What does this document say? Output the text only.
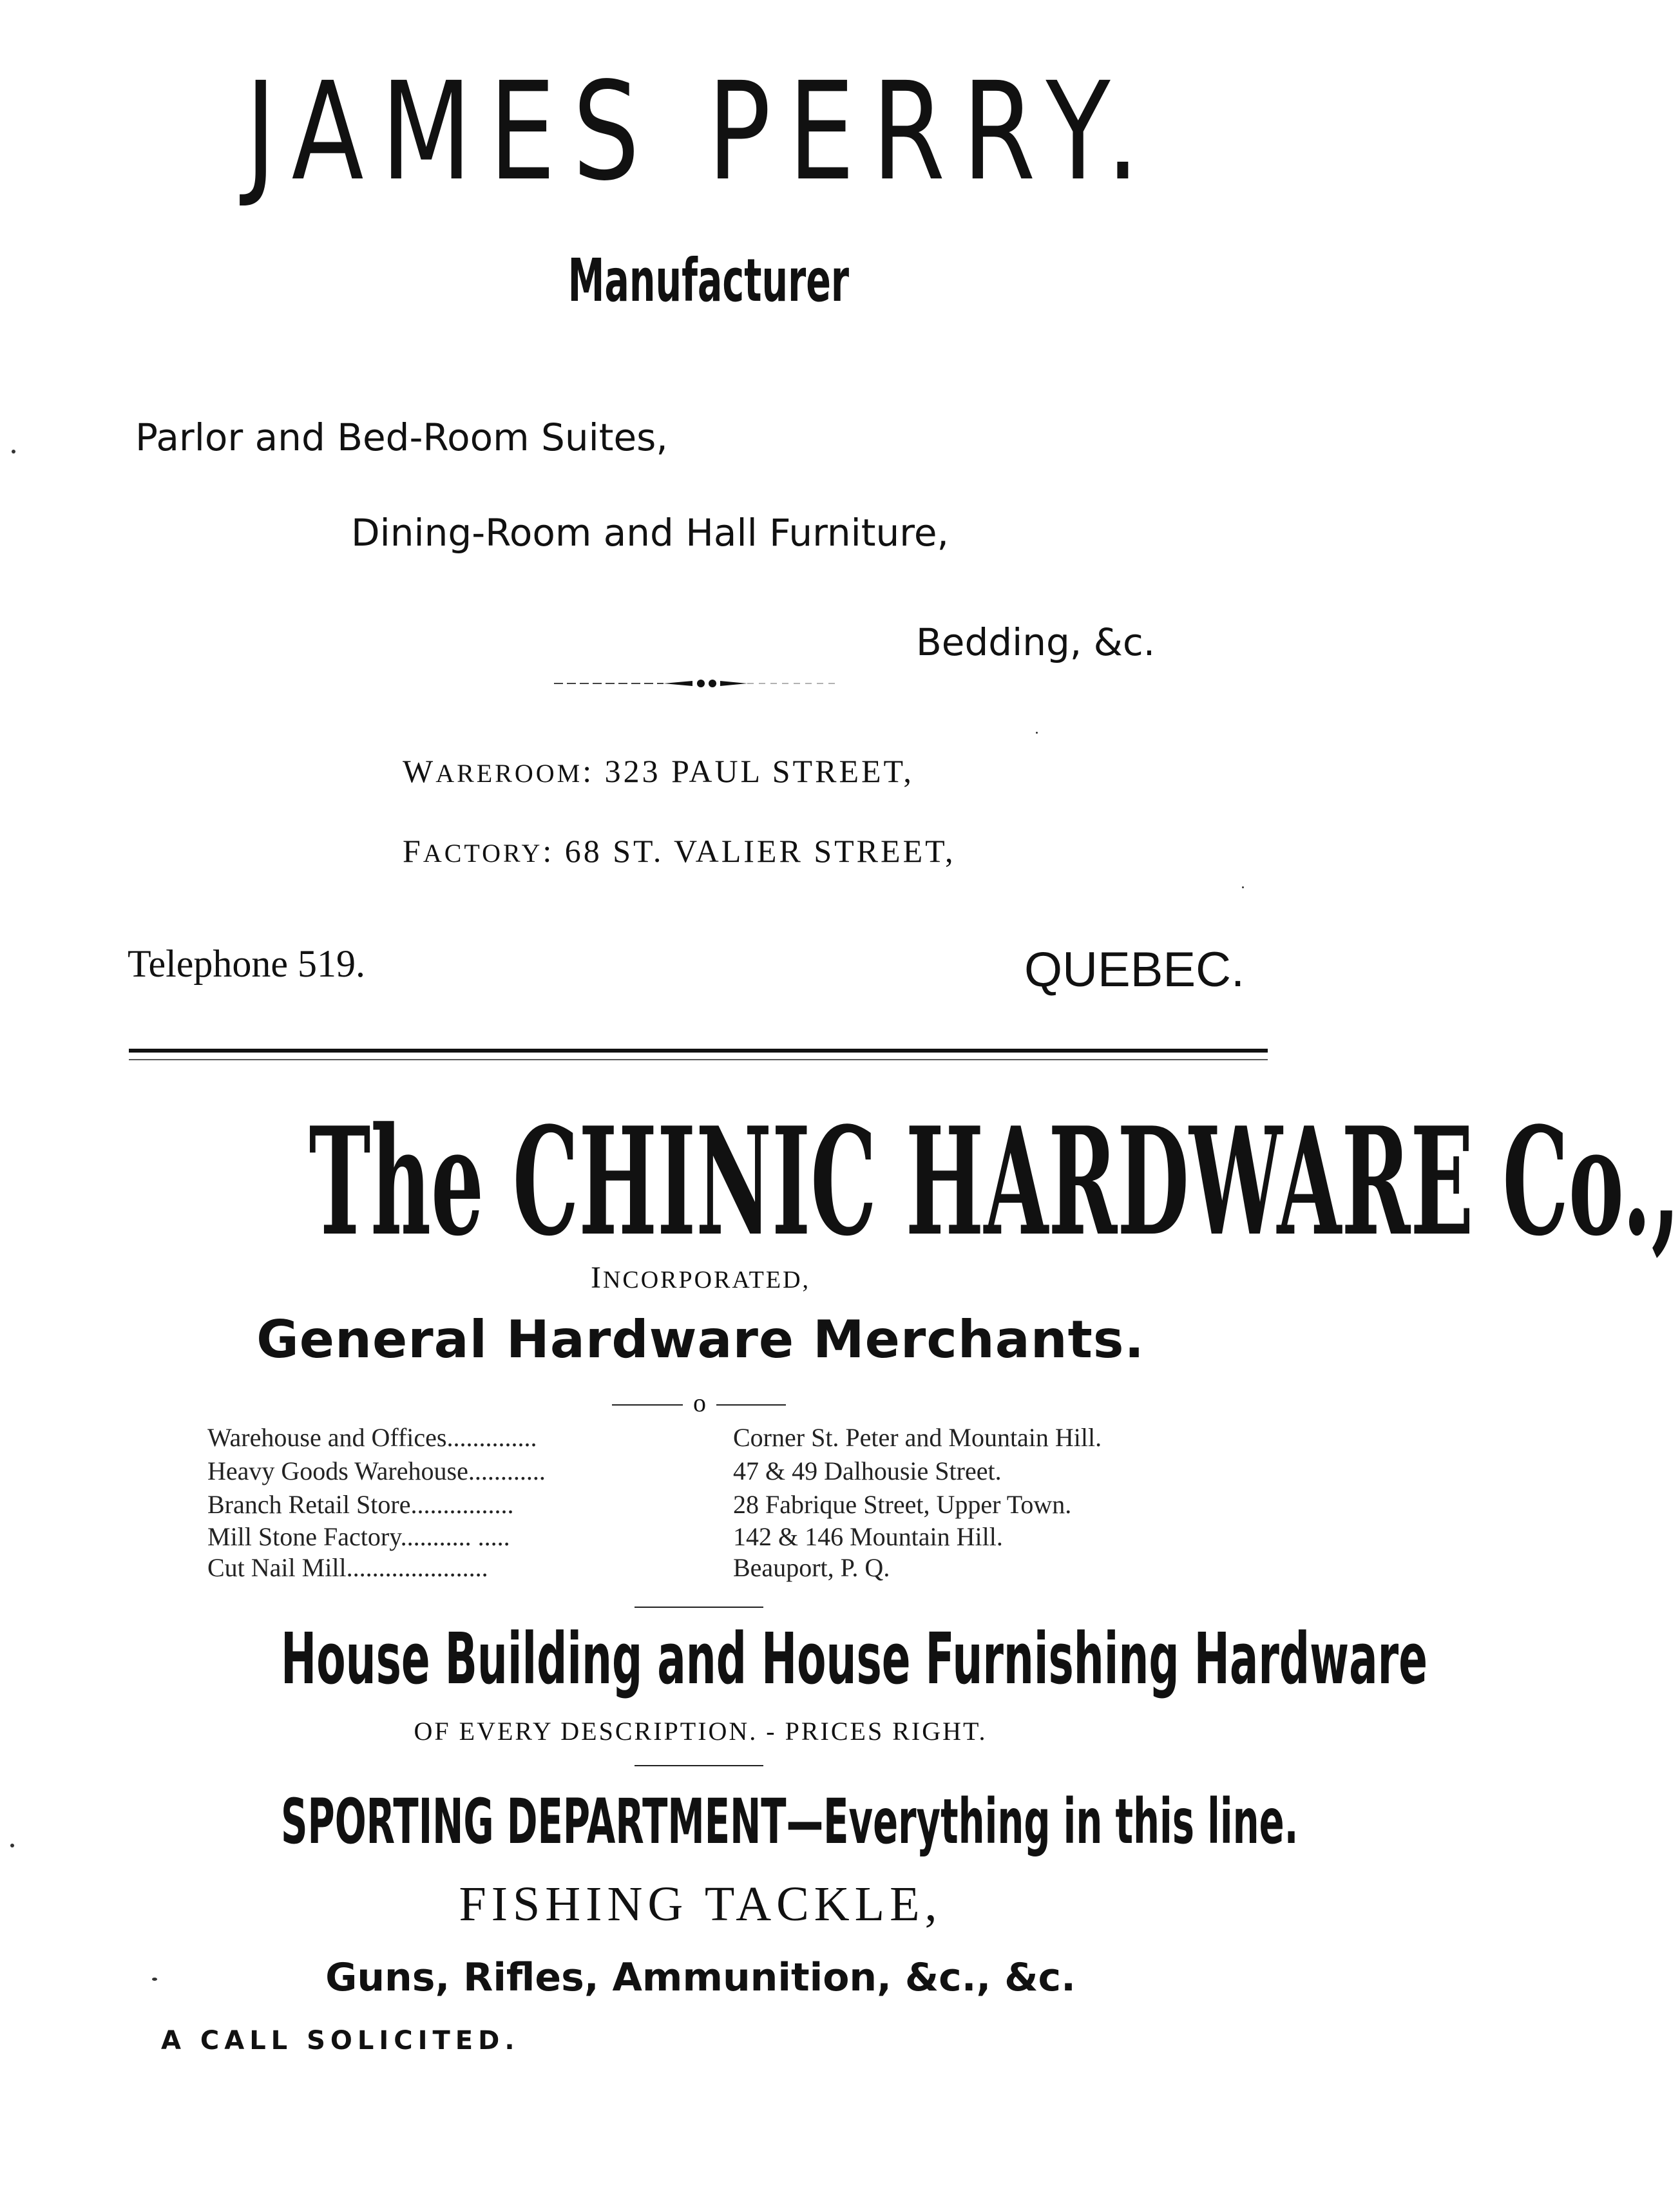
JAMES PERRY.
Manufacturer
Parlor and Bed-Room Suites,
Dining-Room and Hall Furniture,
Bedding, &c.
WAREROOM: 323 PAUL STREET,
FACTORY: 68 ST. VALIER STREET,
Telephone 519.	QUEBEC.
The CHINIC HARDWARE Co.,
INCORPORATED,
General Hardware Merchants.
o
Warehouse and Offices..............	Corner St. Peter and Mountain Hill.
Heavy Goods Warehouse............	47 & 49 Dalhousie Street.
Branch Retail Store................	28 Fabrique Street, Upper Town.
Mill Stone Factory........... .....	142 & 146 Mountain Hill.
Cut Nail Mill......................	Beauport, P. Q.
House Building and House Furnishing Hardware
OF EVERY DESCRIPTION. - PRICES RIGHT.
SPORTING DEPARTMENT—Everything in this line.
FISHING TACKLE,
Guns, Rifles, Ammunition, &c., &c.
A CALL SOLICITED.
